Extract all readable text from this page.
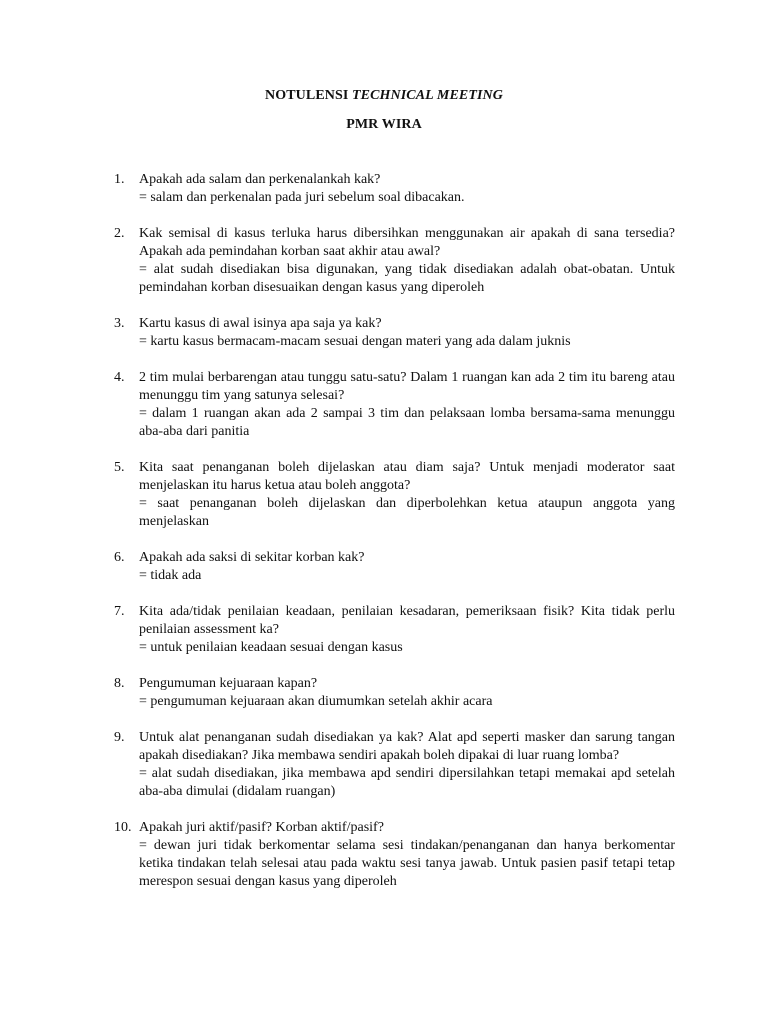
NOTULENSI TECHNICAL MEETING
PMR WIRA
1.	Apakah ada salam dan perkenalankah kak?
= salam dan perkenalan pada juri sebelum soal dibacakan.
2.	Kak semisal di kasus terluka harus dibersihkan menggunakan air apakah di sana tersedia? Apakah ada pemindahan korban saat akhir atau awal?
= alat sudah disediakan bisa digunakan, yang tidak disediakan adalah obat-obatan. Untuk pemindahan korban disesuaikan dengan kasus yang diperoleh
3.	Kartu kasus di awal isinya apa saja ya kak?
= kartu kasus bermacam-macam sesuai dengan materi yang ada dalam juknis
4.	2 tim mulai berbarengan atau tunggu satu-satu? Dalam 1 ruangan kan ada 2 tim itu bareng atau menunggu tim yang satunya selesai?
= dalam 1 ruangan akan ada 2 sampai 3 tim dan pelaksaan lomba bersama-sama menunggu aba-aba dari panitia
5.	Kita saat penanganan boleh dijelaskan atau diam saja? Untuk menjadi moderator saat menjelaskan itu harus ketua atau boleh anggota?
= saat penanganan boleh dijelaskan dan diperbolehkan ketua ataupun anggota yang menjelaskan
6.	Apakah ada saksi di sekitar korban kak?
= tidak ada
7.	Kita ada/tidak penilaian keadaan, penilaian kesadaran, pemeriksaan fisik? Kita tidak perlu penilaian assessment ka?
= untuk penilaian keadaan sesuai dengan kasus
8.	Pengumuman kejuaraan kapan?
= pengumuman kejuaraan akan diumumkan setelah akhir acara
9.	Untuk alat penanganan sudah disediakan ya kak? Alat apd seperti masker dan sarung tangan apakah disediakan? Jika membawa sendiri apakah boleh dipakai di luar ruang lomba?
= alat sudah disediakan, jika membawa apd sendiri dipersilahkan tetapi memakai apd setelah aba-aba dimulai (didalam ruangan)
10. Apakah juri aktif/pasif? Korban aktif/pasif?
= dewan juri tidak berkomentar selama sesi tindakan/penanganan dan hanya berkomentar ketika tindakan telah selesai atau pada waktu sesi tanya jawab. Untuk pasien pasif tetapi tetap merespon sesuai dengan kasus yang diperoleh
